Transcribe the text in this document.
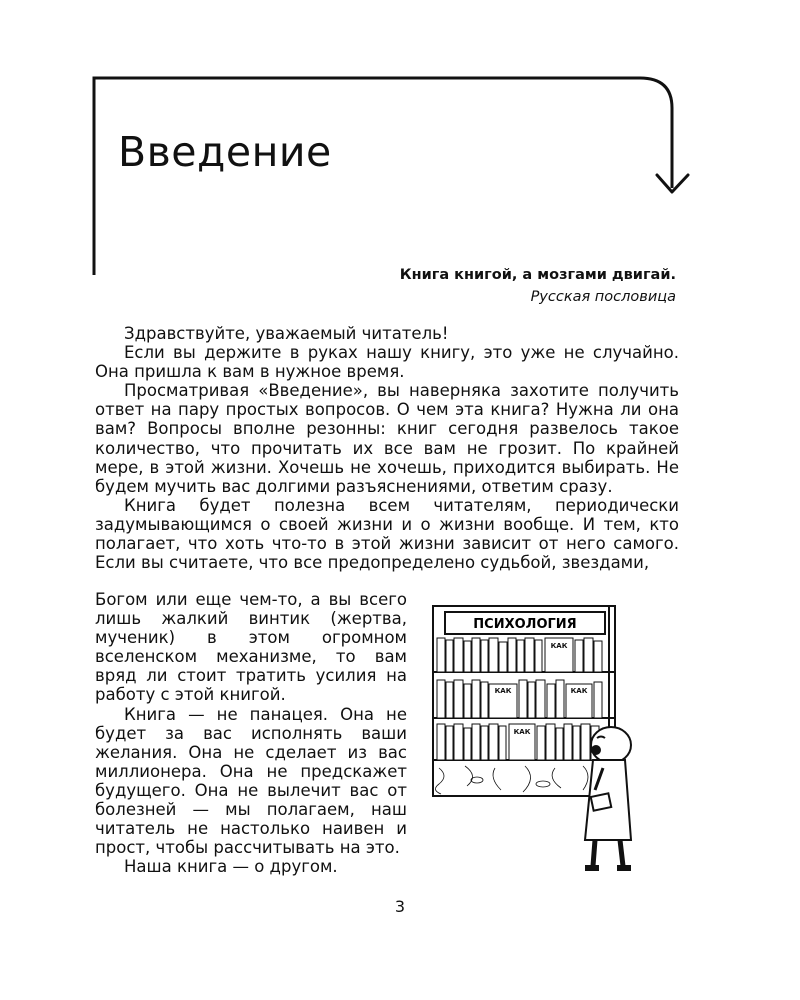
Введение
Книга книгой, а мозгами двигай.
Русская пословица

Здравствуйте, уважаемый читатель!

Если вы держите в руках нашу книгу, это уже не случайно. Она пришла к вам в нужное время.

Просматривая «Введение», вы наверняка захотите получить ответ на пару простых вопросов. О чем эта книга? Нужна ли она вам? Вопросы вполне резонны: книг сегодня развелось такое количество, что прочитать их все вам не грозит. По крайней мере, в этой жизни. Хочешь не хочешь, приходится выбирать. Не будем мучить вас долгими разъяснениями, ответим сразу.

Книга будет полезна всем читателям, периодически задумывающимся о своей жизни и о жизни вообще. И тем, кто полагает, что хоть что-то в этой жизни зависит от него самого. Если вы считаете, что все предопределено судьбой, звездами,

Богом или еще чем-то, а вы всего лишь жалкий винтик (жертва, мученик) в этом огромном вселенском механизме, то вам вряд ли стоит тратить усилия на работу с этой книгой.

Книга — не панацея. Она не будет за вас исполнять ваши желания. Она не сделает из вас миллионера. Она не предскажет будущего. Она не вылечит вас от болезней — мы полагаем, наш читатель не настолько наивен и прост, чтобы рассчитывать на это.

Наша книга — о другом.

ПСИХОЛОГИЯ
КАК
КАК	КАК
КАК
3
